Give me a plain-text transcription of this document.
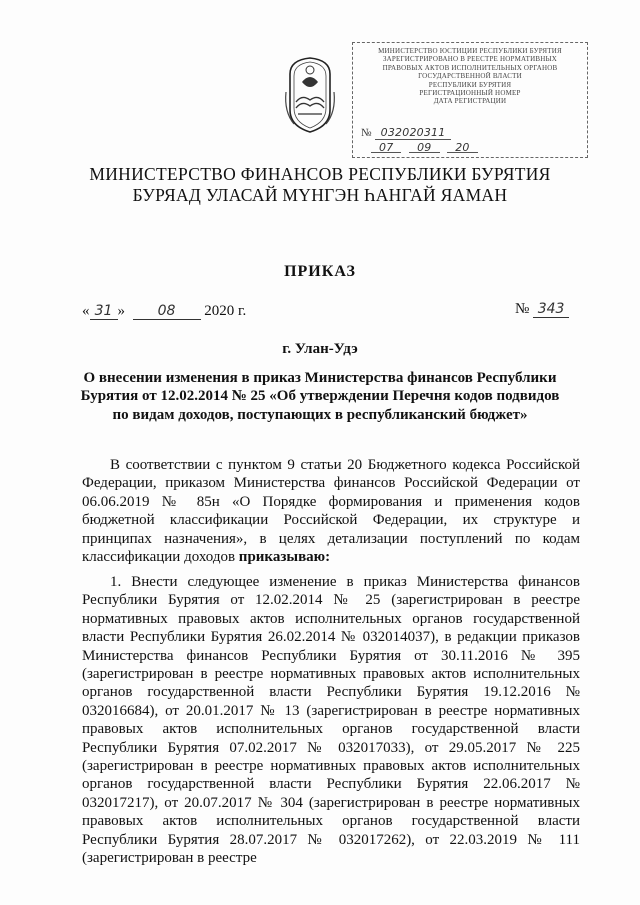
МИНИСТЕРСТВО ЮСТИЦИИ РЕСПУБЛИКИ БУРЯТИЯ
ЗАРЕГИСТРИРОВАНО В РЕЕСТРЕ НОРМАТИВНЫХ
ПРАВОВЫХ АКТОВ ИСПОЛНИТЕЛЬНЫХ ОРГАНОВ
ГОСУДАРСТВЕННОЙ ВЛАСТИ
РЕСПУБЛИКИ БУРЯТИЯ
РЕГИСТРАЦИОННЫЙ НОМЕР
ДАТА РЕГИСТРАЦИИ
№ 032020311
07 09 20
МИНИСТЕРСТВО ФИНАНСОВ РЕСПУБЛИКИ БУРЯТИЯ
БУРЯАД УЛАСАЙ МҮНГЭН ҺАНГАЙ ЯАМАН
ПРИКАЗ
« 31 » 08 2020 г.	№ 343
г. Улан-Удэ
О внесении изменения в приказ Министерства финансов Республики Бурятия от 12.02.2014 № 25 «Об утверждении Перечня кодов подвидов по видам доходов, поступающих в республиканский бюджет»
В соответствии с пунктом 9 статьи 20 Бюджетного кодекса Российской Федерации, приказом Министерства финансов Российской Федерации от 06.06.2019 № 85н «О Порядке формирования и применения кодов бюджетной классификации Российской Федерации, их структуре и принципах назначения», в целях детализации поступлений по кодам классификации доходов приказываю:
1. Внести следующее изменение в приказ Министерства финансов Республики Бурятия от 12.02.2014 № 25 (зарегистрирован в реестре нормативных правовых актов исполнительных органов государственной власти Республики Бурятия 26.02.2014 № 032014037), в редакции приказов Министерства финансов Республики Бурятия от 30.11.2016 № 395 (зарегистрирован в реестре нормативных правовых актов исполнительных органов государственной власти Республики Бурятия 19.12.2016 № 032016684), от 20.01.2017 № 13 (зарегистрирован в реестре нормативных правовых актов исполнительных органов государственной власти Республики Бурятия 07.02.2017 № 032017033), от 29.05.2017 № 225 (зарегистрирован в реестре нормативных правовых актов исполнительных органов государственной власти Республики Бурятия 22.06.2017 № 032017217), от 20.07.2017 № 304 (зарегистрирован в реестре нормативных правовых актов исполнительных органов государственной власти Республики Бурятия 28.07.2017 № 032017262), от 22.03.2019 № 111 (зарегистрирован в реестре
